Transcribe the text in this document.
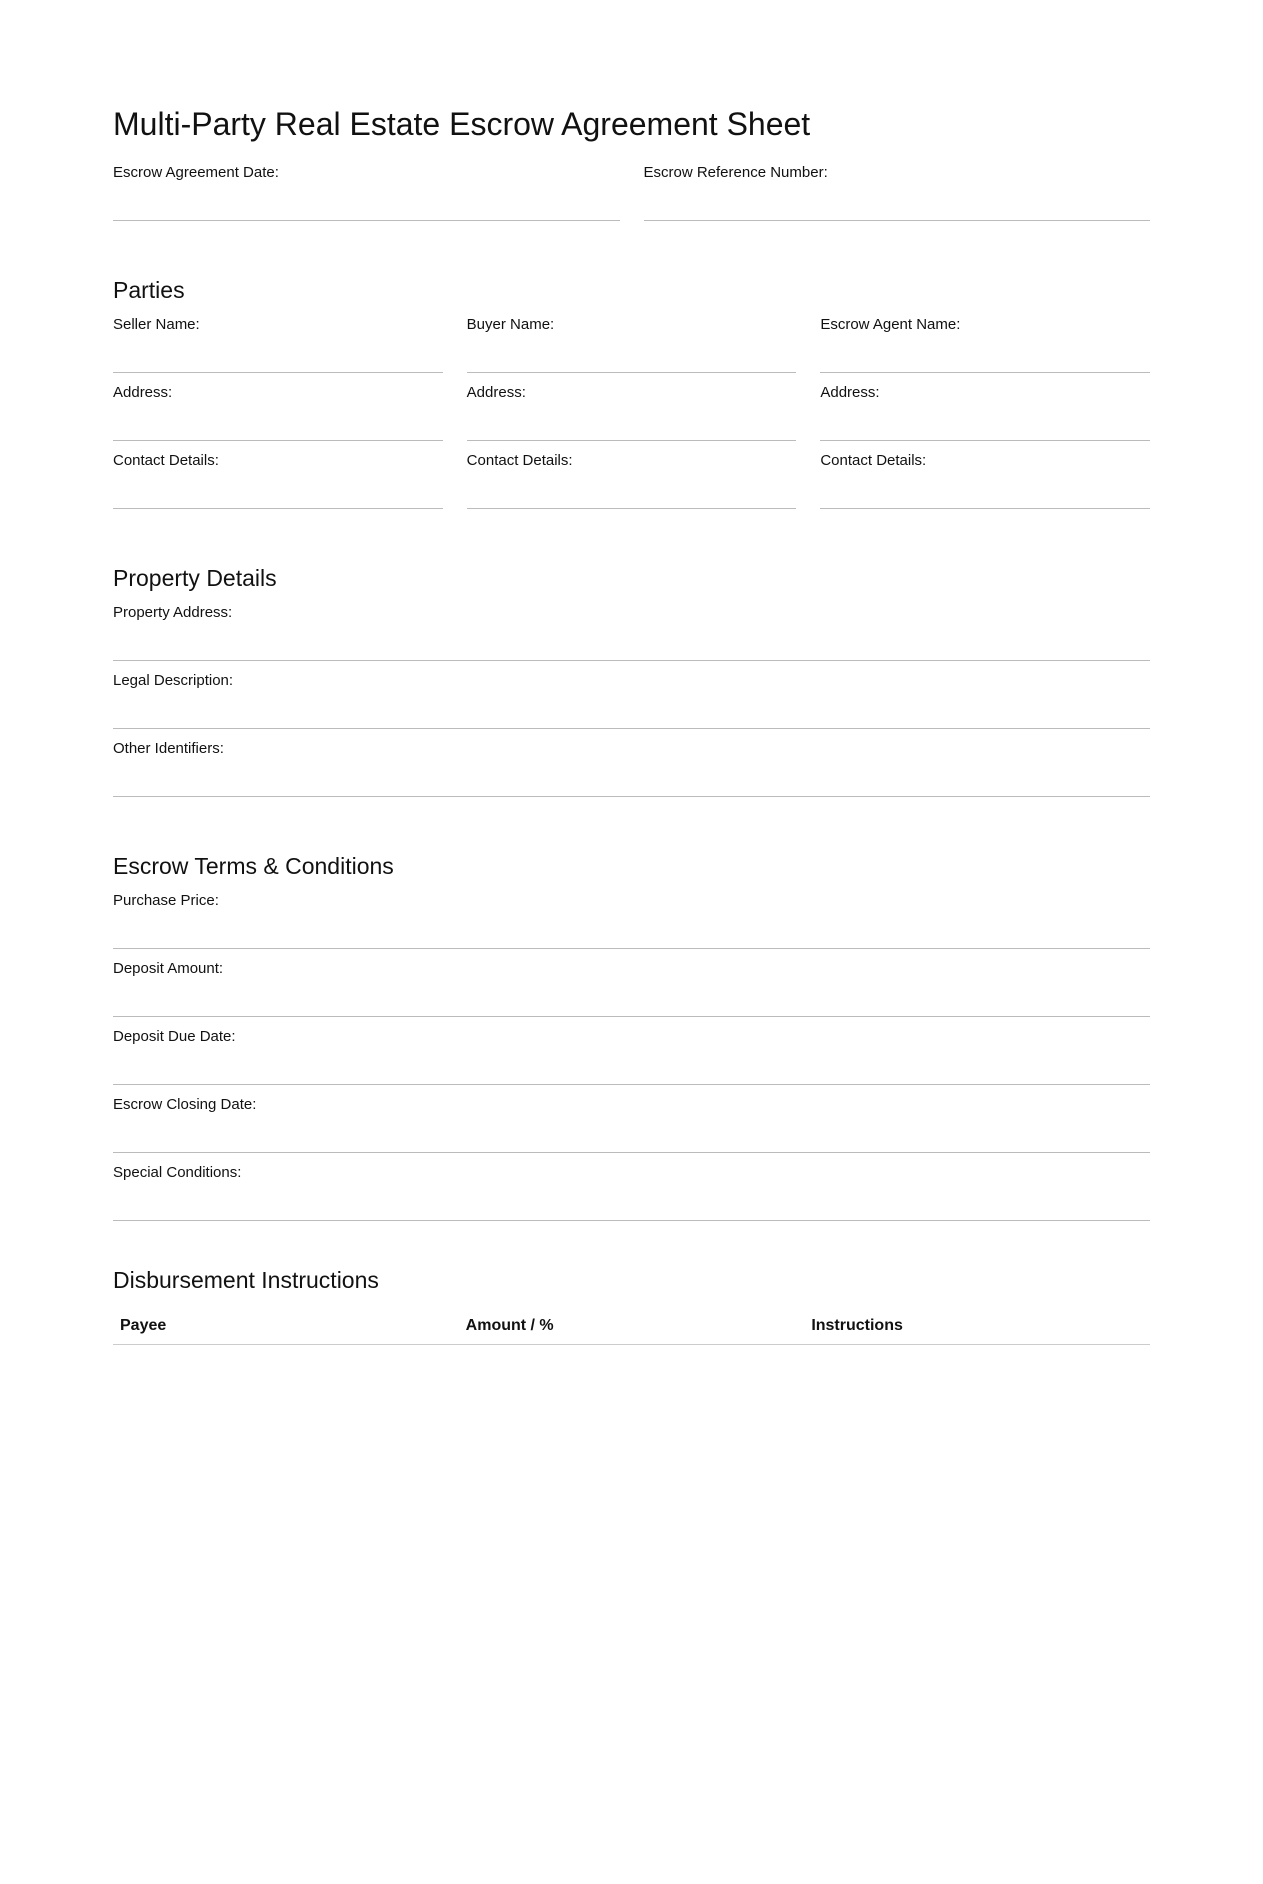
Multi-Party Real Estate Escrow Agreement Sheet
Escrow Agreement Date:	Escrow Reference Number:
Parties
Seller Name:
Address:
Contact Details:
Buyer Name:
Address:
Contact Details:
Escrow Agent Name:
Address:
Contact Details:
Property Details
Property Address:
Legal Description:
Other Identifiers:
Escrow Terms & Conditions
Purchase Price:
Deposit Amount:
Deposit Due Date:
Escrow Closing Date:
Special Conditions:
Disbursement Instructions
Payee	Amount / %	Instructions
